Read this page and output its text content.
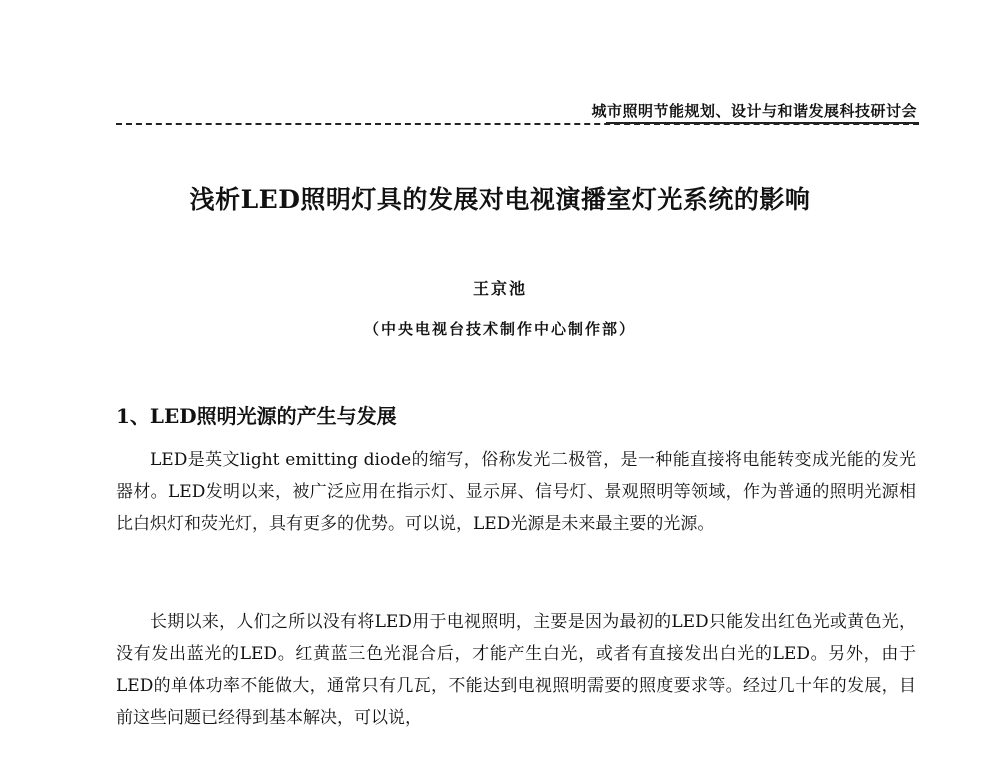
城市照明节能规划、设计与和谐发展科技研讨会
浅析LED照明灯具的发展对电视演播室灯光系统的影响
王京池
（中央电视台技术制作中心制作部）
1、LED照明光源的产生与发展

LED是英文light emitting diode的缩写，俗称发光二极管，是一种能直接将电能转变成光能的发光器材。LED发明以来，被广泛应用在指示灯、显示屏、信号灯、景观照明等领域，作为普通的照明光源相比白炽灯和荧光灯，具有更多的优势。可以说，LED光源是未来最主要的光源。

长期以来，人们之所以没有将LED用于电视照明，主要是因为最初的LED只能发出红色光或黄色光，没有发出蓝光的LED。红黄蓝三色光混合后，才能产生白光，或者有直接发出白光的LED。另外，由于LED的单体功率不能做大，通常只有几瓦，不能达到电视照明需要的照度要求等。经过几十年的发展，目前这些问题已经得到基本解决，可以说，
